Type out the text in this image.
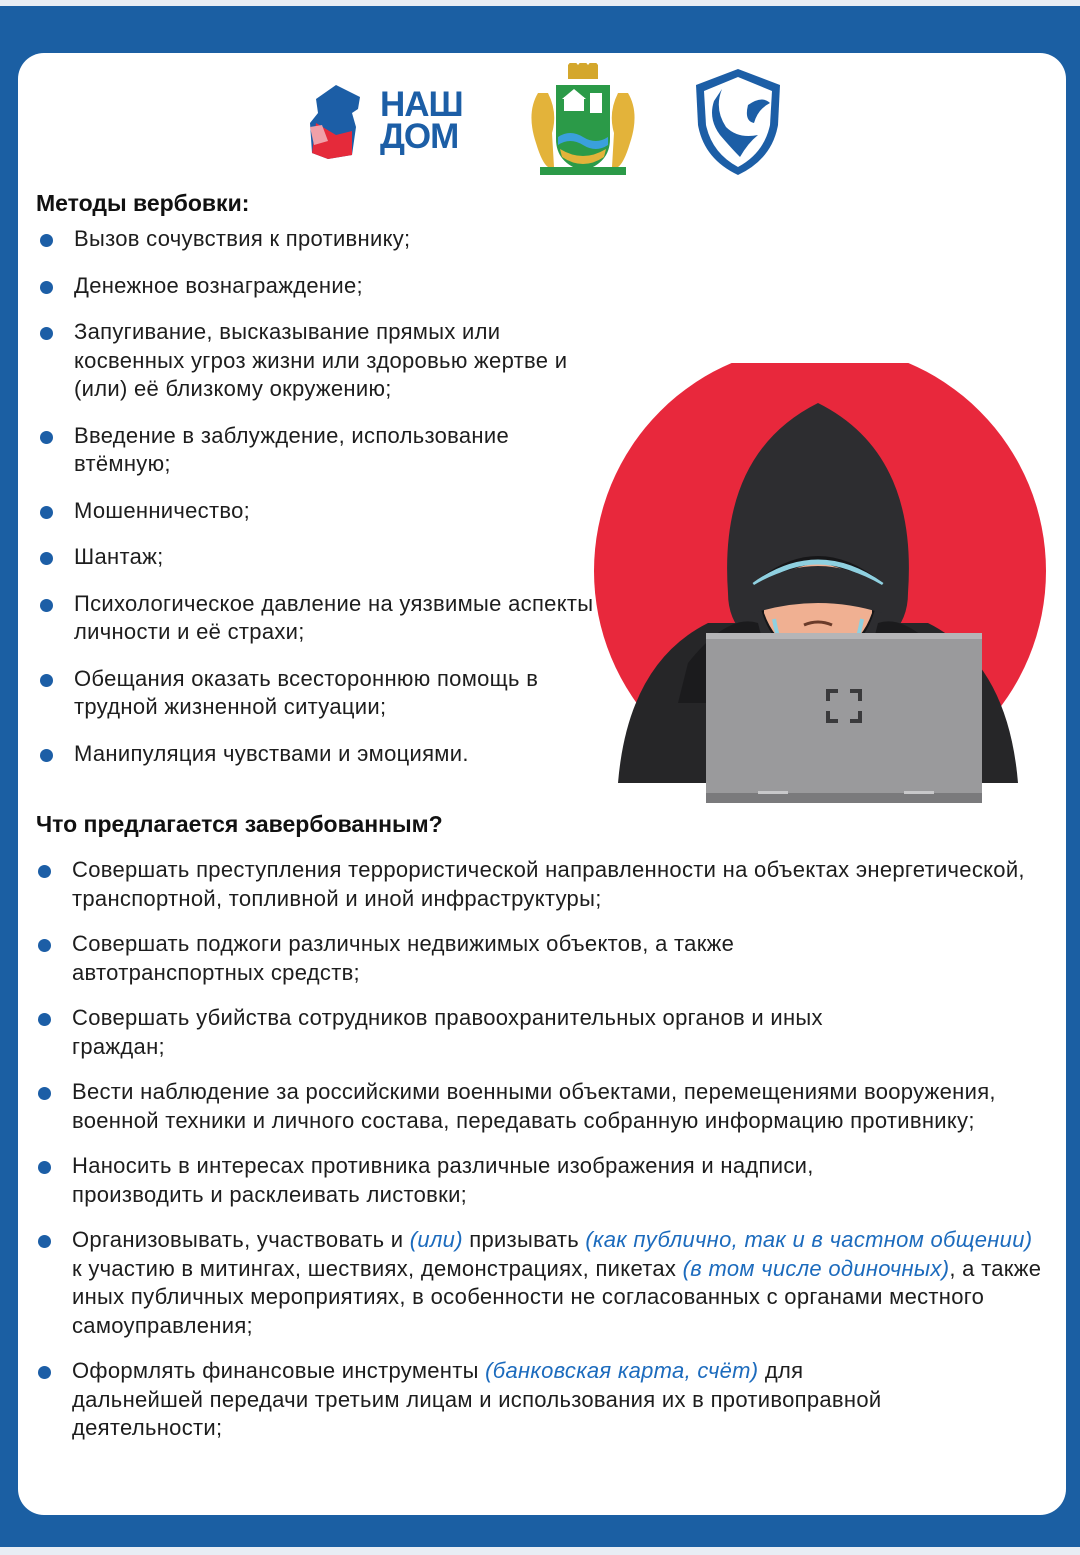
НАШ
ДОМ
Методы вербовки:
Вызов сочувствия к противнику;
Денежное вознаграждение;
Запугивание, высказывание прямых или косвенных угроз жизни или здоровью жертве и (или) её близкому окружению;
Введение в заблуждение, использование втёмную;
Мошенничество;
Шантаж;
Психологическое давление на уязвимые аспекты личности и её страхи;
Обещания оказать всестороннюю помощь в трудной жизненной ситуации;
Манипуляция чувствами и эмоциями.
Что предлагается завербованным?
Совершать преступления террористической направленности на объектах энергетической, транспортной, топливной и иной инфраструктуры;
Совершать поджоги различных недвижимых объектов, а также автотранспортных средств;
Совершать убийства сотрудников правоохранительных органов и иных граждан;
Вести наблюдение за российскими военными объектами, перемещениями вооружения, военной техники и личного состава, передавать собранную информацию противнику;
Наносить в интересах противника различные изображения и надписи, производить и расклеивать листовки;
Организовывать, участвовать и (или) призывать (как публично, так и в частном общении) к участию в митингах, шествиях, демонстрациях, пикетах (в том числе одиночных), а также иных публичных мероприятиях, в особенности не согласованных с органами местного самоуправления;
Оформлять финансовые инструменты (банковская карта, счёт) для дальнейшей передачи третьим лицам и использования их в противоправной деятельности;
